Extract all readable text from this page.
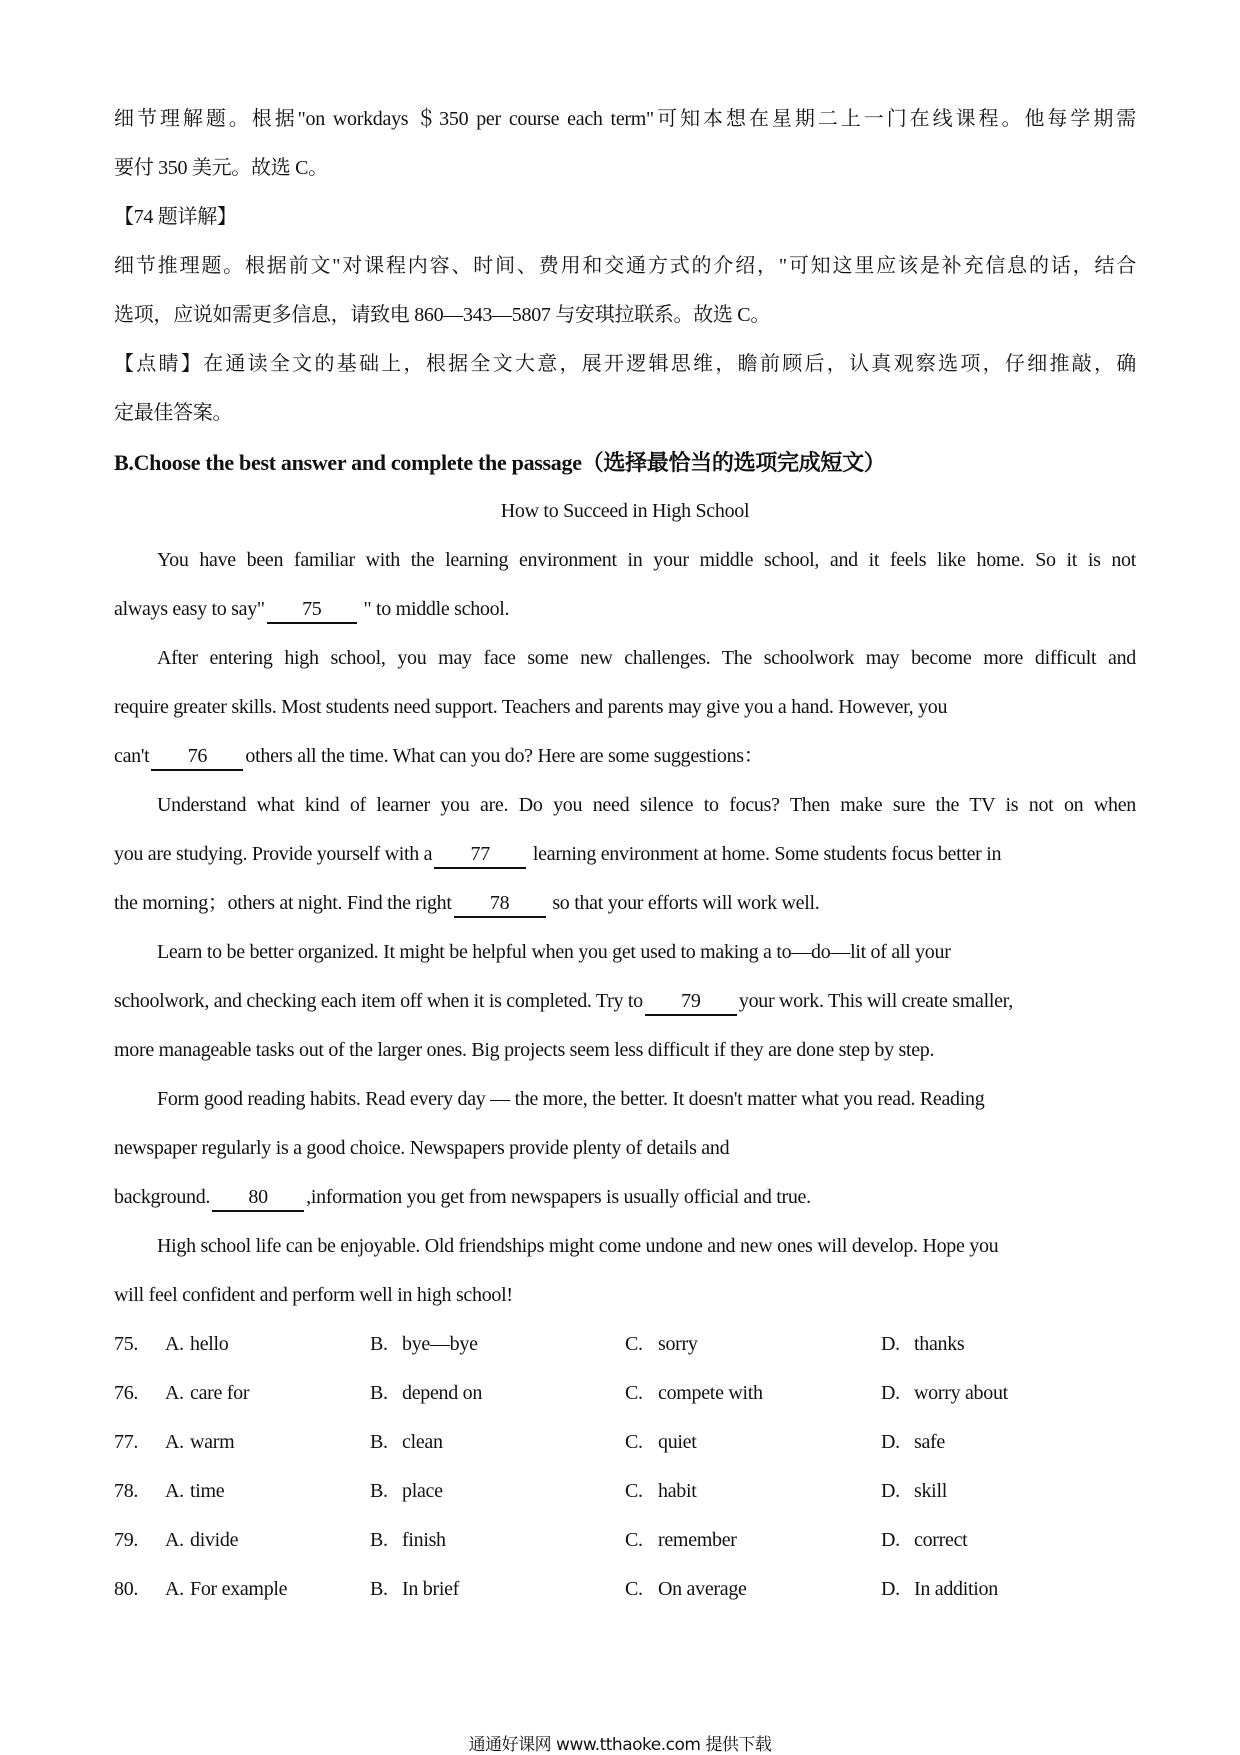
细节理解题。根据"on workdays ＄350 per course each term"可知本想在星期二上一门在线课程。他每学期需
要付 350 美元。故选 C。
【74 题详解】
细节推理题。根据前文"对课程内容、时间、费用和交通方式的介绍，"可知这里应该是补充信息的话，结合
选项，应说如需更多信息，请致电 860—343—5807 与安琪拉联系。故选 C。
【点睛】在通读全文的基础上，根据全文大意，展开逻辑思维，瞻前顾后，认真观察选项，仔细推敲，确
定最佳答案。
B.Choose the best answer and complete the passage（选择最恰当的选项完成短文）
How to Succeed in High School
You have been familiar with the learning environment in your middle school, and it feels like home. So it is not
always easy to say" 75 " to middle school.
After entering high school, you may face some new challenges. The schoolwork may become more difficult and
require greater skills. Most students need support. Teachers and parents may give you a hand. However, you
can't 76 others all the time. What can you do? Here are some suggestions：
Understand what kind of learner you are. Do you need silence to focus? Then make sure the TV is not on when
you are studying. Provide yourself with a 77 learning environment at home. Some students focus better in
the morning；others at night. Find the right 78 so that your efforts will work well.
Learn to be better organized. It might be helpful when you get used to making a to—do—lit of all your
schoolwork, and checking each item off when it is completed. Try to 79 your work. This will create smaller,
more manageable tasks out of the larger ones. Big projects seem less difficult if they are done step by step.
Form good reading habits. Read every day — the more, the better. It doesn't matter what you read. Reading
newspaper regularly is a good choice. Newspapers provide plenty of details and
background. 80 ,information you get from newspapers is usually official and true.
High school life can be enjoyable. Old friendships might come undone and new ones will develop. Hope you
will feel confident and perform well in high school!
75. A. hello	B. bye—bye	C. sorry	D. thanks
76. A. care for	B. depend on	C. compete with	D. worry about
77. A. warm	B. clean	C. quiet	D. safe
78. A. time	B. place	C. habit	D. skill
79. A. divide	B. finish	C. remember	D. correct
80. A. For example	B. In brief	C. On average	D. In addition
通通好课网 www.tthaoke.com 提供下载
